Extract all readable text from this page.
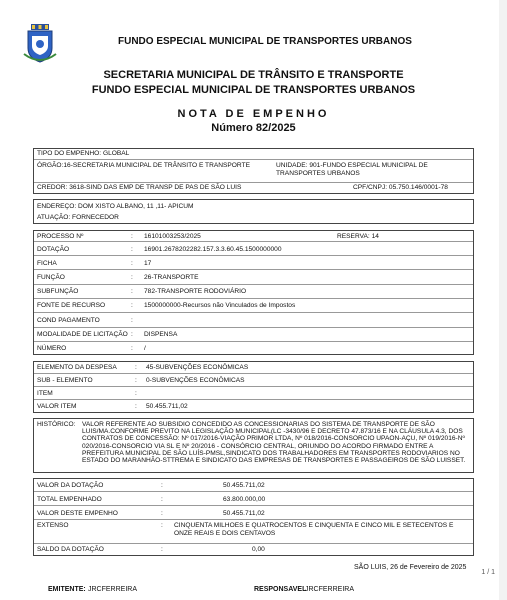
FUNDO ESPECIAL MUNICIPAL DE TRANSPORTES URBANOS
SECRETARIA MUNICIPAL DE TRÂNSITO E TRANSPORTE
FUNDO ESPECIAL MUNICIPAL DE TRANSPORTES URBANOS
NOTA DE EMPENHO
Número 82/2025
TIPO DO EMPENHO: GLOBAL
ÓRGÃO:16-SECRETARIA MUNICIPAL DE TRÂNSITO E TRANSPORTE	UNIDADE: 901-FUNDO ESPECIAL MUNICIPAL DE TRANSPORTES URBANOS
CREDOR: 3618-SIND DAS EMP DE TRANSP DE PAS DE SÃO LUIS	CPF/CNPJ: 05.750.146/0001-78
ENDEREÇO: DOM XISTO ALBANO, 11 ,11- APICUM
ATUAÇÃO: FORNECEDOR
PROCESSO Nº	: 16101003253/2025	RESERVA: 14
DOTAÇÃO	: 16901.2678202282.157.3.3.60.45.1500000000
FICHA	: 17
FUNÇÃO	: 26-TRANSPORTE
SUBFUNÇÃO	: 782-TRANSPORTE RODOVIÁRIO
FONTE DE RECURSO	: 1500000000-Recursos não Vinculados de Impostos
COND PAGAMENTO	:
MODALIDADE DE LICITAÇÃO : DISPENSA
NÚMERO	: /
ELEMENTO DA DESPESA	: 45-SUBVENÇÕES ECONÔMICAS
SUB - ELEMENTO	: 0-SUBVENÇÕES ECONÔMICAS
ITEM	:
VALOR ITEM	: 50.455.711,02
HISTÓRICO: VALOR REFERENTE AO SUBSIDIO CONCEDIDO AS CONCESSIONARIAS DO SISTEMA DE TRANSPORTE DE SÃO LUIS/MA.CONFORME PREVITO NA LEGISLAÇÃO MUNICIPAL(LC -3430/96 E DECRETO 47.873/16 E NA CLÁUSULA 4.3, DOS CONTRATOS DE CONCESSÃO: Nº 017/2016-VIAÇÃO PRIMOR LTDA, Nº 018/2016-CONSORCIO UPAON-AÇU, Nº 019/2016-Nº 020/2016-CONSORCIO VIA SL E Nº 20/2016 - CONSÓRCIO CENTRAL, ORIUNDO DO ACORDO FIRMADO ENTRE A PREFEITURA MUNICIPAL DE SÃO LUÍS-PMSL,SINDICATO DOS TRABALHADORES EM TRANSPORTES RODOVIARIOS NO ESTADO DO MARANHÃO-STTREMA E SINDICATO DAS EMPRESAS DE TRANSPORTES E PASSAGEIROS DE SÃO LUISSET.
VALOR DA DOTAÇÃO	:	50.455.711,02
TOTAL EMPENHADO	:	63.800.000,00
VALOR DESTE EMPENHO	:	50.455.711,02
EXTENSO	: CINQUENTA MILHOES E QUATROCENTOS E CINQUENTA E CINCO MIL E SETECENTOS E ONZE REAIS E DOIS CENTAVOS
SALDO DA DOTAÇÃO	:	0,00
SÃO LUIS, 26 de Fevereiro de 2025
EMITENTE: JRCFERREIRA	RESPONSAVEL
JRCFERREIRA
1 / 1
